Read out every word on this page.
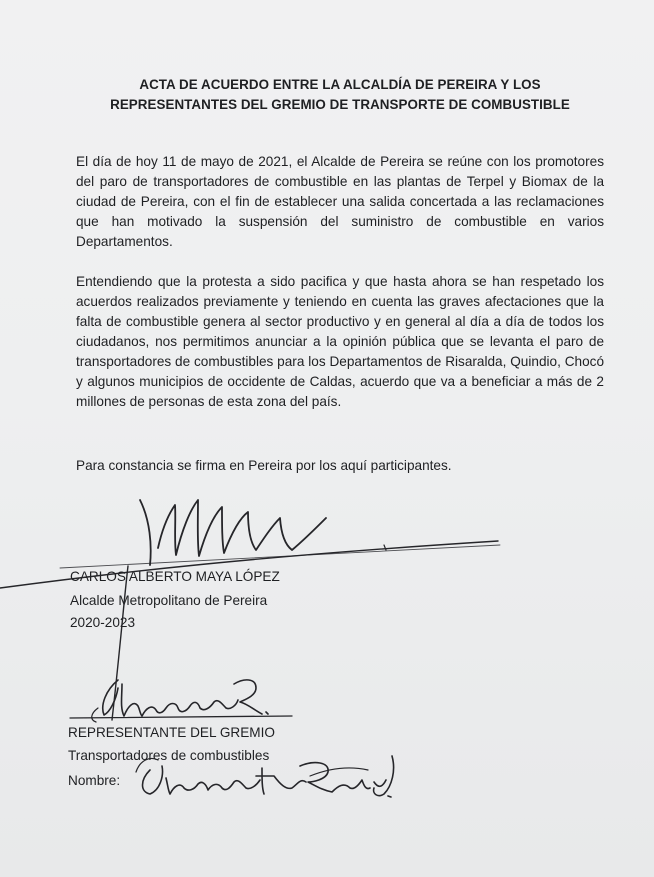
ACTA DE ACUERDO ENTRE LA ALCALDÍA DE PEREIRA Y LOS
REPRESENTANTES DEL GREMIO DE TRANSPORTE DE COMBUSTIBLE
El día de hoy 11 de mayo de 2021, el Alcalde de Pereira se reúne con los promotores del paro de transportadores de combustible en las plantas de Terpel y Biomax de la ciudad de Pereira, con el fin de establecer una salida concertada a las reclamaciones que han motivado la suspensión del suministro de combustible en varios Departamentos.
Entendiendo que la protesta a sido pacifica y que hasta ahora se han respetado los acuerdos realizados previamente y teniendo en cuenta las graves afectaciones que la falta de combustible genera al sector productivo y en general al día a día de todos los ciudadanos, nos permitimos anunciar a la opinión pública que se levanta el paro de transportadores de combustibles para los Departamentos de Risaralda, Quindio, Chocó y algunos municipios de occidente de Caldas, acuerdo que va a beneficiar a más de 2 millones de personas de esta zona del país.
Para constancia se firma en Pereira por los aquí participantes.
CARLOS ALBERTO MAYA LÓPEZ
Alcalde Metropolitano de Pereira
2020-2023
REPRESENTANTE DEL GREMIO
Transportadores de combustibles
Nombre:
